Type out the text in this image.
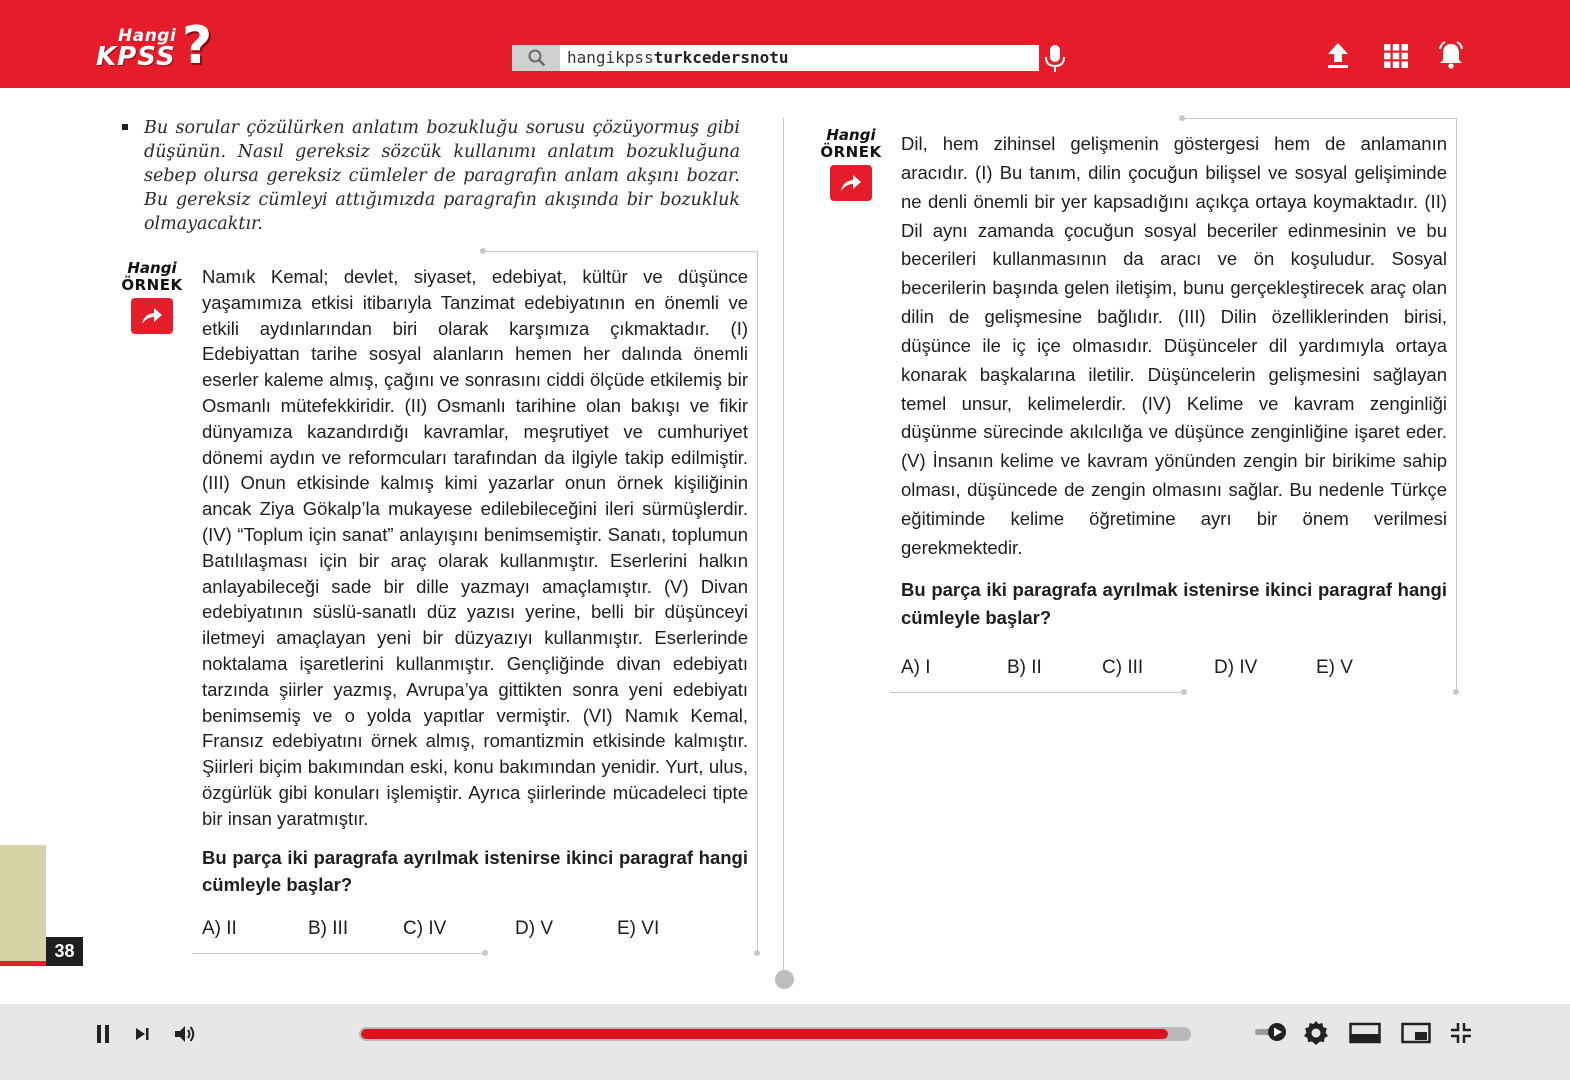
Hangi
KPSS ?	hangikpssturkcedersnotu
Bu sorular çözülürken anlatım bozukluğu sorusu çözüyormuş gibi düşünün. Nasıl gereksiz sözcük kullanımı anlatım bozukluğuna sebep olursa gereksiz cümleler de paragrafın anlam akşını bozar. Bu gereksiz cümleyi attığımızda paragrafın akışında bir bozukluk olmayacaktır.
Hangi
ÖRNEK Namık Kemal; devlet, siyaset, edebiyat, kültür ve düşünce yaşamımıza etkisi itibarıyla Tanzimat edebiyatının en önemli ve etkili aydınlarından biri olarak karşımıza çıkmaktadır. (I) Edebiyattan tarihe sosyal alanların hemen her dalında önemli eserler kaleme almış, çağını ve sonrasını ciddi ölçüde etkilemiş bir Osmanlı mütefekkiridir. (II) Osmanlı tarihine olan bakışı ve fikir dünyamıza kazandırdığı kavramlar, meşrutiyet ve cumhuriyet dönemi aydın ve reformcuları tarafından da ilgiyle takip edilmiştir. (III) Onun etkisinde kalmış kimi yazarlar onun örnek kişiliğinin ancak Ziya Gökalp’la mukayese edilebileceğini ileri sürmüşlerdir. (IV) “Toplum için sanat” anlayışını benimsemiştir. Sanatı, toplumun Batılılaşması için bir araç olarak kullanmıştır. Eserlerini halkın anlayabileceği sade bir dille yazmayı amaçlamıştır. (V) Divan edebiyatının süslü-sanatlı düz yazısı yerine, belli bir düşünceyi iletmeyi amaçlayan yeni bir düzyazıyı kullanmıştır. Eserlerinde noktalama işaretlerini kullanmıştır. Gençliğinde divan edebiyatı tarzında şiirler yazmış, Avrupa’ya gittikten sonra yeni edebiyatı benimsemiş ve o yolda yapıtlar vermiştir. (VI) Namık Kemal, Fransız edebiyatını örnek almış, romantizmin etkisinde kalmıştır. Şiirleri biçim bakımından eski, konu bakımından yenidir. Yurt, ulus, özgürlük gibi konuları işlemiştir. Ayrıca şiirlerinde mücadeleci tipte bir insan yaratmıştır.
Bu parça iki paragrafa ayrılmak istenirse ikinci paragraf hangi cümleyle başlar?
A) II	B) III	C) IV	D) V	E) VI
38
Hangi
ÖRNEK Dil, hem zihinsel gelişmenin göstergesi hem de anlamanın aracıdır. (I) Bu tanım, dilin çocuğun bilişsel ve sosyal gelişiminde ne denli önemli bir yer kapsadığını açıkça ortaya koymaktadır. (II) Dil aynı zamanda çocuğun sosyal beceriler edinmesinin ve bu becerileri kullanmasının da aracı ve ön koşuludur. Sosyal becerilerin başında gelen iletişim, bunu gerçekleştirecek araç olan dilin de gelişmesine bağlıdır. (III) Dilin özelliklerinden birisi, düşünce ile iç içe olmasıdır. Düşünceler dil yardımıyla ortaya konarak başkalarına iletilir. Düşüncelerin gelişmesini sağlayan temel unsur, kelimelerdir. (IV) Kelime ve kavram zenginliği düşünme sürecinde akılcılığa ve düşünce zenginliğine işaret eder. (V) İnsanın kelime ve kavram yönünden zengin bir birikime sahip olması, düşüncede de zengin olmasını sağlar. Bu nedenle Türkçe eğitiminde kelime öğretimine ayrı bir önem verilmesi gerekmektedir.
Bu parça iki paragrafa ayrılmak istenirse ikinci paragraf hangi cümleyle başlar?
A) I	B) II	C) III	D) IV	E) V
